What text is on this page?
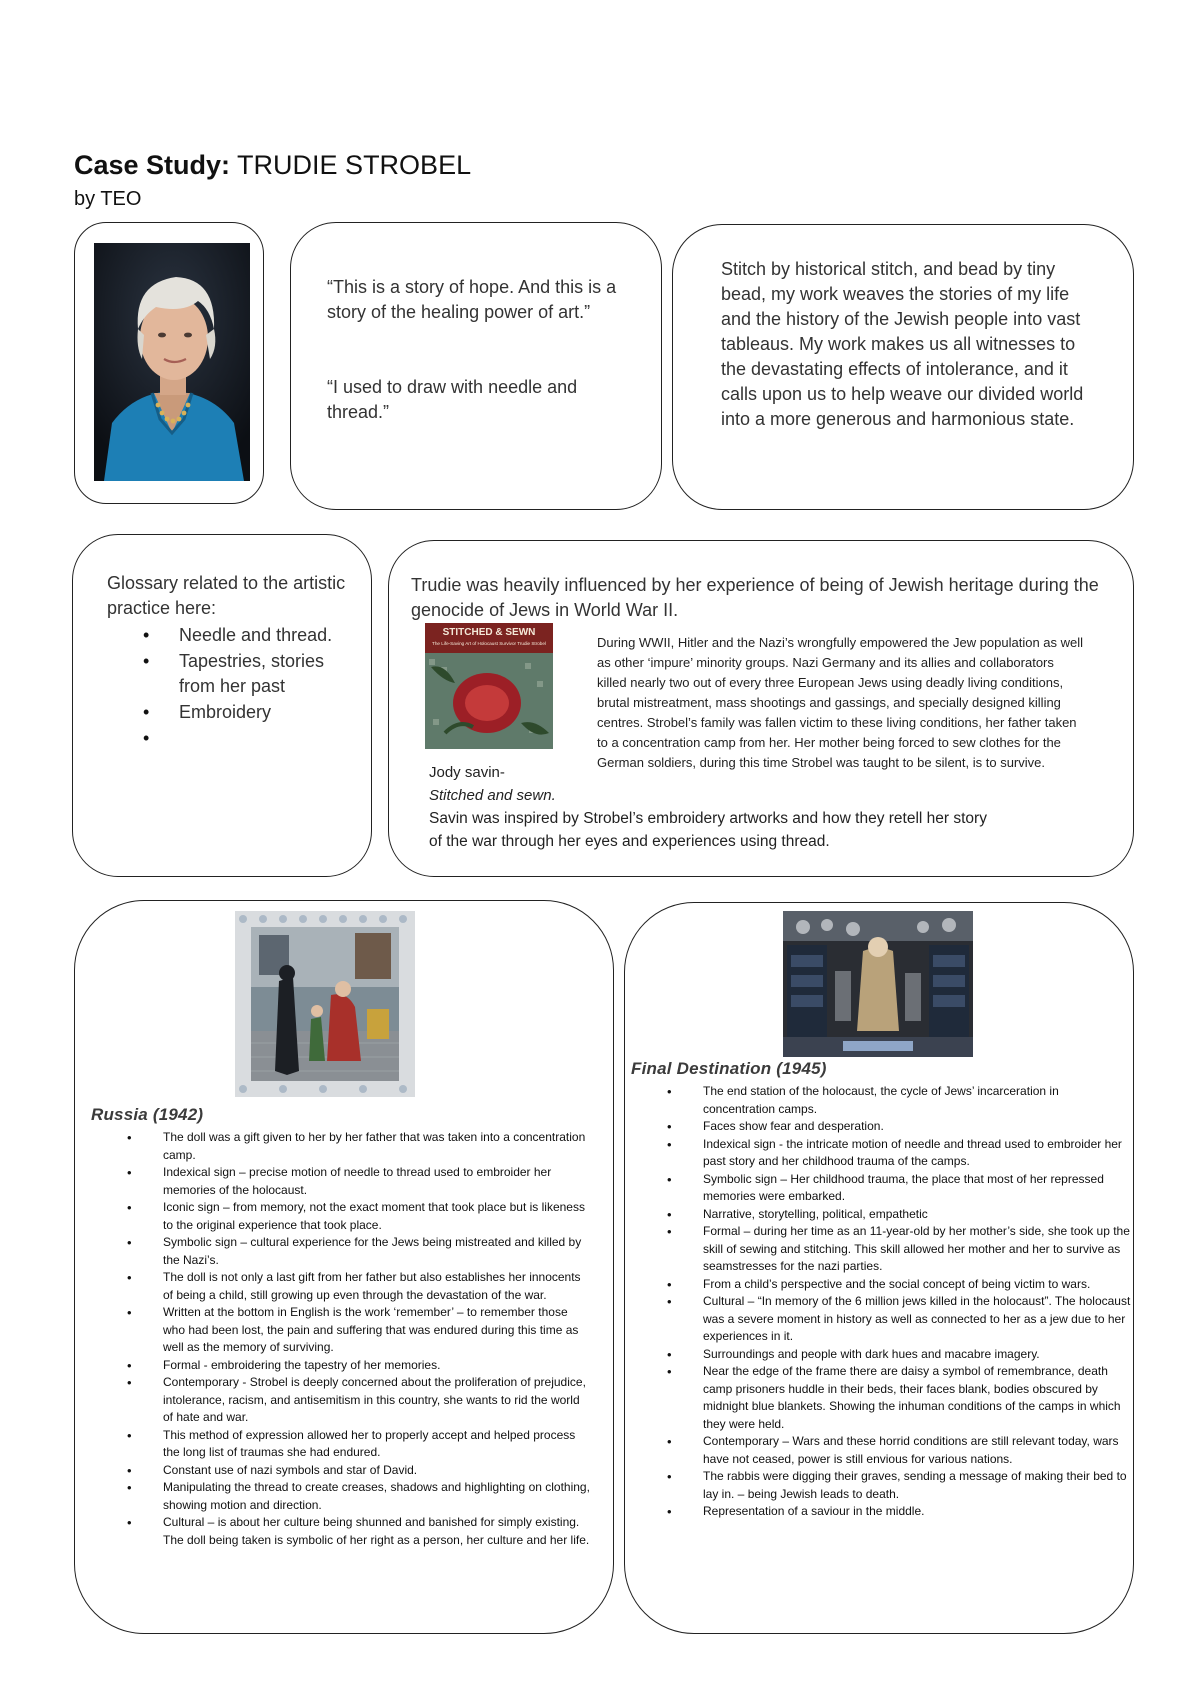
Case Study: TRUDIE STROBEL
by TEO
“This is a story of hope. And this is a story of the healing power of art.”
“I used to draw with needle and thread.”
Stitch by historical stitch, and bead by tiny bead, my work weaves the stories of my life and the history of the Jewish people into vast tableaus. My work makes us all witnesses to the devastating effects of intolerance, and it calls upon us to help weave our divided world into a more generous and harmonious state.
Glossary related to the artistic practice here:
• Needle and thread.
• Tapestries, stories from her past
• Embroidery
•
Trudie was heavily influenced by her experience of being of Jewish heritage during the genocide of Jews in World War II.
STITCHED & SEWN
The Life-Saving Art of Holocaust Survivor Trudie Strobel
Jody savin-
Stitched and sewn.
During WWII, Hitler and the Nazi’s wrongfully empowered the Jew population as well as other ‘impure’ minority groups. Nazi Germany and its allies and collaborators killed nearly two out of every three European Jews using deadly living conditions, brutal mistreatment, mass shootings and gassings, and specially designed killing centres. Strobel’s family was fallen victim to these living conditions, her father taken to a concentration camp from her. Her mother being forced to sew clothes for the German soldiers, during this time Strobel was taught to be silent, is to survive.
Savin was inspired by Strobel’s embroidery artworks and how they retell her story of the war through her eyes and experiences using thread.
Russia (1942)
• The doll was a gift given to her by her father that was taken into a concentration camp.
• Indexical sign – precise motion of needle to thread used to embroider her memories of the holocaust.
• Iconic sign – from memory, not the exact moment that took place but is likeness to the original experience that took place.
• Symbolic sign – cultural experience for the Jews being mistreated and killed by the Nazi’s.
• The doll is not only a last gift from her father but also establishes her innocents of being a child, still growing up even through the devastation of the war.
• Written at the bottom in English is the work ‘remember’ – to remember those who had been lost, the pain and suffering that was endured during this time as well as the memory of surviving.
• Formal - embroidering the tapestry of her memories.
• Contemporary - Strobel is deeply concerned about the proliferation of prejudice, intolerance, racism, and antisemitism in this country, she wants to rid the world of hate and war.
• This method of expression allowed her to properly accept and helped process the long list of traumas she had endured.
• Constant use of nazi symbols and star of David.
• Manipulating the thread to create creases, shadows and highlighting on clothing, showing motion and direction.
• Cultural – is about her culture being shunned and banished for simply existing. The doll being taken is symbolic of her right as a person, her culture and her life.
Final Destination (1945)
• The end station of the holocaust, the cycle of Jews’ incarceration in concentration camps.
• Faces show fear and desperation.
• Indexical sign - the intricate motion of needle and thread used to embroider her past story and her childhood trauma of the camps.
• Symbolic sign – Her childhood trauma, the place that most of her repressed memories were embarked.
• Narrative, storytelling, political, empathetic
• Formal – during her time as an 11-year-old by her mother’s side, she took up the skill of sewing and stitching. This skill allowed her mother and her to survive as seamstresses for the nazi parties.
• From a child’s perspective and the social concept of being victim to wars.
• Cultural – “In memory of the 6 million jews killed in the holocaust”. The holocaust was a severe moment in history as well as connected to her as a jew due to her experiences in it.
• Surroundings and people with dark hues and macabre imagery.
• Near the edge of the frame there are daisy a symbol of remembrance, death camp prisoners huddle in their beds, their faces blank, bodies obscured by midnight blue blankets. Showing the inhuman conditions of the camps in which they were held.
• Contemporary – Wars and these horrid conditions are still relevant today, wars have not ceased, power is still envious for various nations.
• The rabbis were digging their graves, sending a message of making their bed to lay in. – being Jewish leads to death.
• Representation of a saviour in the middle.
